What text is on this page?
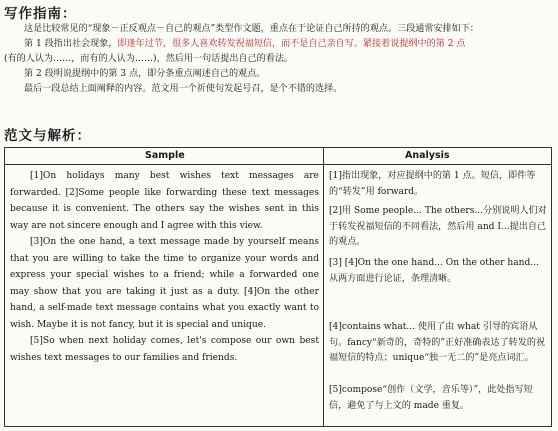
写作指南：

这是比较常见的“现象－正反观点－自己的观点”类型作文题，重点在于论证自己所持的观点。三段通常安排如下：

第 1 段指出社会现象，即逢年过节，很多人喜欢转发祝福短信，而不是自己亲自写。紧接着说提纲中的第 2 点

(有的人认为……，而有的人认为……)，然后用一句话提出自己的看法。

第 2 段明说提纲中的第 3 点，即分条重点阐述自己的观点。

最后一段总结上面阐释的内容。范文用一个祈使句发起号召，是个不错的选择。

范文与解析：
Sample	Analysis

[1]On holidays many best wishes text messages are forwarded. [2]Some people like forwarding these text messages because it is convenient. The others say the wishes sent in this way are not sincere enough and I agree with this view.

[3]On the one hand, a text message made by yourself means that you are willing to take the time to organize your words and express your special wishes to a friend; while a forwarded one may show that you are taking it just as a duty. [4]On the other hand, a self-made text message contains what you exactly want to wish. Maybe it is not fancy, but it is special and unique.

[5]So when next holiday comes, let's compose our own best wishes text messages to our families and friends.

[1]指出现象，对应提纲中的第 1 点。短信，即件等的“转发”用 forward。

[2]用 Some people... The others...分别说明人们对于转发祝福短信的不同看法，然后用 and I...提出自己的观点。

[3] [4]On the one hand... On the other hand...从两方面进行论证，条理清晰。

[4]contains what... 使用了由 what 引导的宾语从句。fancy“新奇的，奇特的”正好准确表达了转发的祝福短信的特点；unique“独一无二的”是亮点词汇。

[5]compose“创作（文学，音乐等）”，此处指写短信，避免了与上文的 made 重复。
